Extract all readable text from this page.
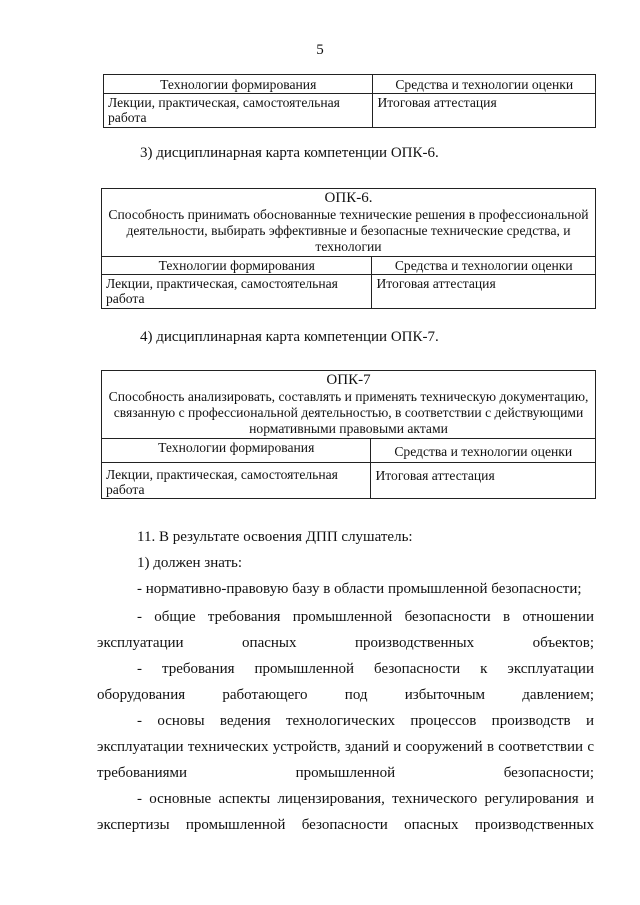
5
Технологии формирования	Средства и технологии оценки
Лекции, практическая, самостоятельная работа	Итоговая аттестация
3) дисциплинарная карта компетенции ОПК-6.
ОПК-6.
Способность принимать обоснованные технические решения в профессиональной деятельности, выбирать эффективные и безопасные технические средства, и технологии	

Технологии формирования	Средства и технологии оценки
Лекции, практическая, самостоятельная работа	Итоговая аттестация
4) дисциплинарная карта компетенции ОПК-7.
ОПК-7
Способность анализировать, составлять и применять техническую документацию, связанную с профессиональной деятельностью, в соответствии с действующими нормативными правовыми актами	

Технологии формирования	Средства и технологии оценки
Лекции, практическая, самостоятельная работа	Итоговая аттестация
11. В результате освоения ДПП слушатель:
1) должен знать:
- нормативно-правовую базу в области промышленной безопасности;
- общие требования промышленной безопасности в отношении эксплуатации опасных производственных объектов;
- требования промышленной безопасности к эксплуатации оборудования работающего под избыточным давлением;
- основы ведения технологических процессов производств и эксплуатации технических устройств, зданий и сооружений в соответствии с требованиями промышленной безопасности;
- основные аспекты лицензирования, технического регулирования и экспертизы промышленной безопасности опасных производственных
